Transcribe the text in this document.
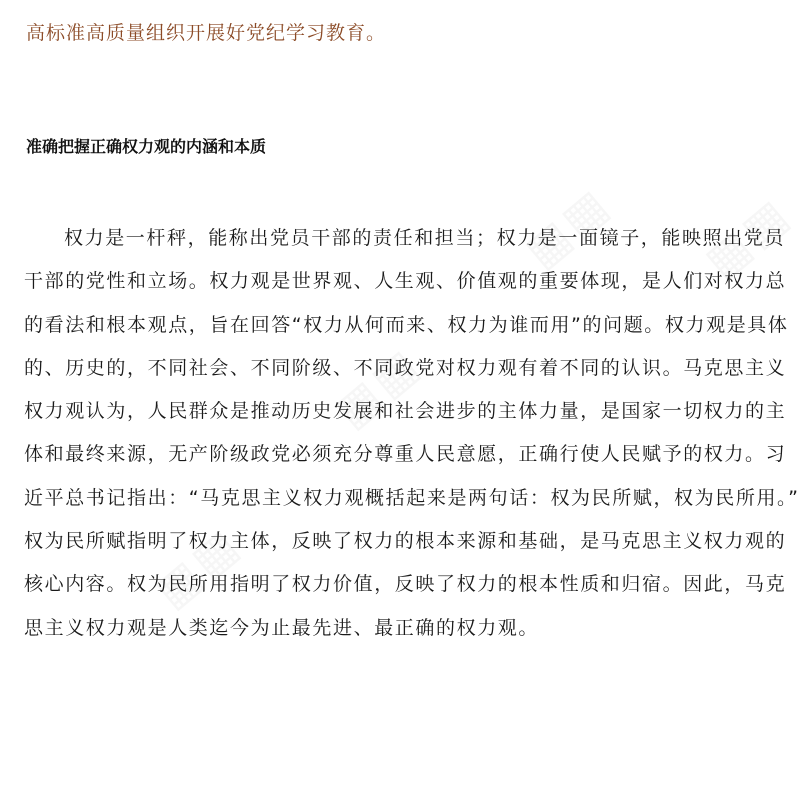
高标准高质量组织开展好党纪学习教育。
准确把握正确权力观的内涵和本质
权力是一杆秤，能称出党员干部的责任和担当；权力是一面镜子，能映照出党员
干部的党性和立场。权力观是世界观、人生观、价值观的重要体现，是人们对权力总
的看法和根本观点，旨在回答“权力从何而来、权力为谁而用”的问题。权力观是具体
的、历史的，不同社会、不同阶级、不同政党对权力观有着不同的认识。马克思主义
权力观认为，人民群众是推动历史发展和社会进步的主体力量，是国家一切权力的主
体和最终来源，无产阶级政党必须充分尊重人民意愿，正确行使人民赋予的权力。习
近平总书记指出：“马克思主义权力观概括起来是两句话：权为民所赋，权为民所用。”
权为民所赋指明了权力主体，反映了权力的根本来源和基础，是马克思主义权力观的
核心内容。权为民所用指明了权力价值，反映了权力的根本性质和归宿。因此，马克
思主义权力观是人类迄今为止最先进、最正确的权力观。
